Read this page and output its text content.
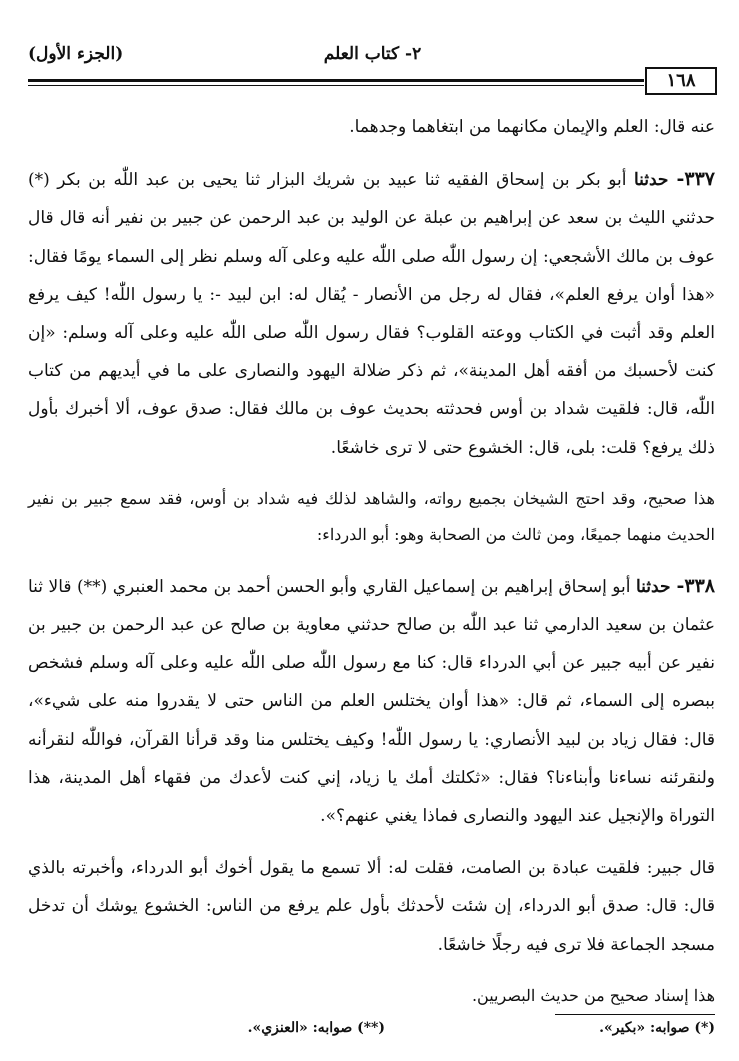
٢- كتاب العلم
(الجزء الأول)
١٦٨

عنه قال: العلم والإيمان مكانهما من ابتغاهما وجدهما.

٣٣٧- حدثنا أبو بكر بن إسحاق الفقيه ثنا عبيد بن شريك البزار ثنا يحيى بن عبد اللّٰه بن بكر (*) حدثني الليث بن سعد عن إبراهيم بن عبلة عن الوليد بن عبد الرحمن عن جبير بن نفير أنه قال قال عوف بن مالك الأشجعي: إن رسول اللّٰه صلى اللّٰه عليه وعلى آله وسلم نظر إلى السماء يومًا فقال: «هذا أوان يرفع العلم»، فقال له رجل من الأنصار - يُقال له: ابن لبيد -: يا رسول اللّٰه! كيف يرفع العلم وقد أثبت في الكتاب ووعته القلوب؟ فقال رسول اللّٰه صلى اللّٰه عليه وعلى آله وسلم: «إن كنت لأحسبك من أفقه أهل المدينة»، ثم ذكر ضلالة اليهود والنصارى على ما في أيديهم من كتاب اللّٰه، قال: فلقيت شداد بن أوس فحدثته بحديث عوف بن مالك فقال: صدق عوف، ألا أخبرك بأول ذلك يرفع؟ قلت: بلى، قال: الخشوع حتى لا ترى خاشعًا.

هذا صحيح، وقد احتج الشيخان بجميع رواته، والشاهد لذلك فيه شداد بن أوس، فقد سمع جبير بن نفير الحديث منهما جميعًا، ومن ثالث من الصحابة وهو: أبو الدرداء:

٣٣٨- حدثنا أبو إسحاق إبراهيم بن إسماعيل القاري وأبو الحسن أحمد بن محمد العنبري (**) قالا ثنا عثمان بن سعيد الدارمي ثنا عبد اللّٰه بن صالح حدثني معاوية بن صالح عن عبد الرحمن بن جبير بن نفير عن أبيه جبير عن أبي الدرداء قال: كنا مع رسول اللّٰه صلى اللّٰه عليه وعلى آله وسلم فشخص ببصره إلى السماء، ثم قال: «هذا أوان يختلس العلم من الناس حتى لا يقدروا منه على شيء»، قال: فقال زياد بن لبيد الأنصاري: يا رسول اللّٰه! وكيف يختلس منا وقد قرأنا القرآن، فواللّٰه لنقرأنه ولنقرئنه نساءنا وأبناءنا؟ فقال: «ثكلتك أمك يا زياد، إني كنت لأعدك من فقهاء أهل المدينة، هذا التوراة والإنجيل عند اليهود والنصارى فماذا يغني عنهم؟».

قال جبير: فلقيت عبادة بن الصامت، فقلت له: ألا تسمع ما يقول أخوك أبو الدرداء، وأخبرته بالذي قال: قال: صدق أبو الدرداء، إن شئت لأحدثك بأول علم يرفع من الناس: الخشوع يوشك أن تدخل مسجد الجماعة فلا ترى فيه رجلًا خاشعًا.

هذا إسناد صحيح من حديث البصريين.

(*) صوابه: «بكير».
(**) صوابه: «العنزي».
